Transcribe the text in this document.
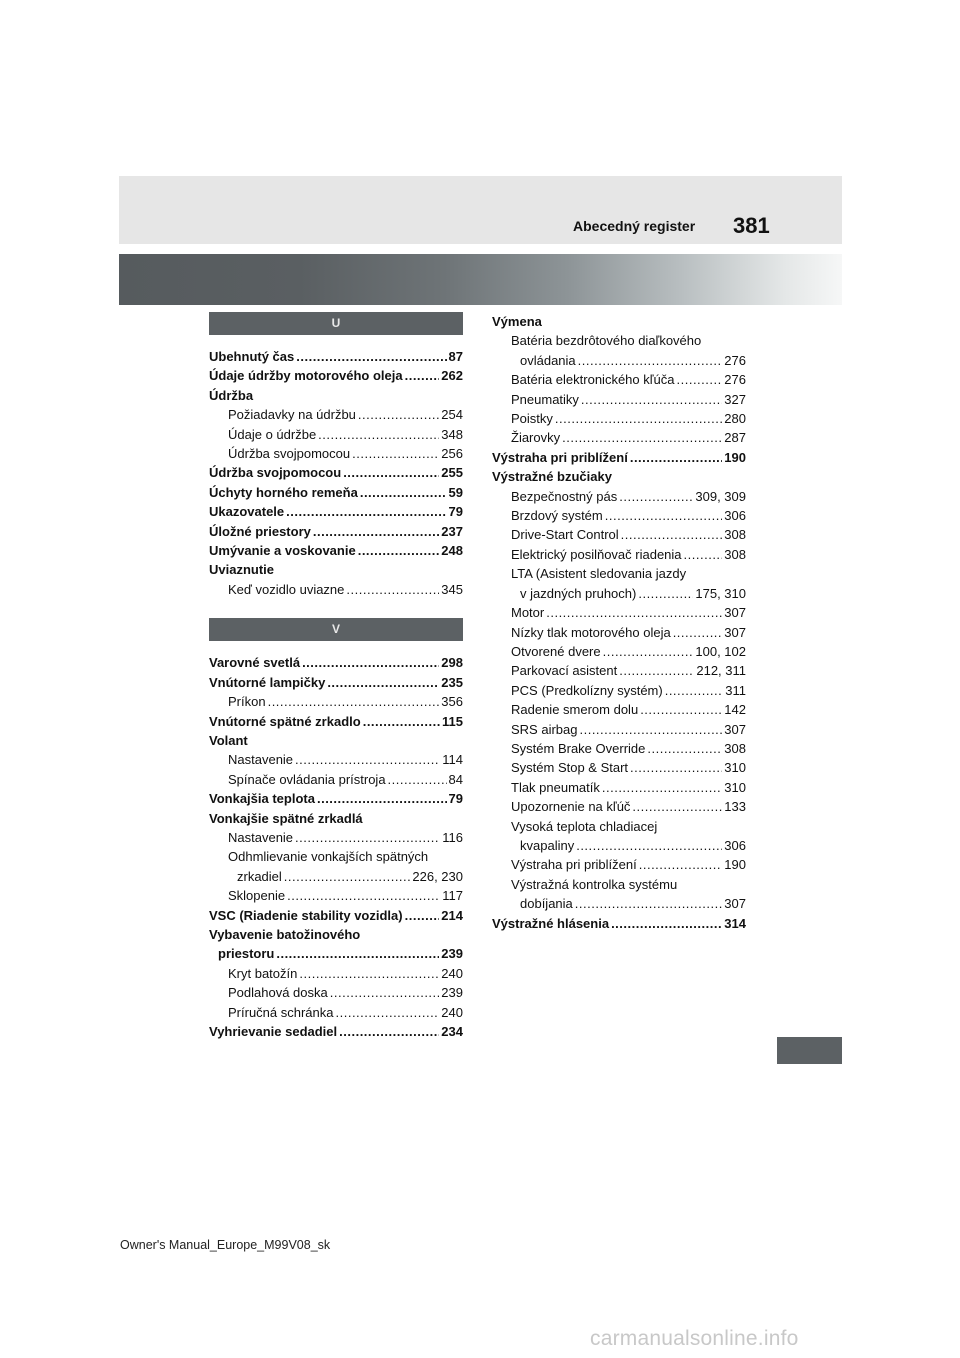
Abecedný register 381
U
Ubehnutý čas .....	87
Údaje údržby motorového oleja .....	262
Údržba
Požiadavky na údržbu .....	254
Údaje o údržbe .....	348
Údržba svojpomocou .....	256
Údržba svojpomocou .....	255
Úchyty horného remeňa .....	59
Ukazovatele .....	79
Úložné priestory .....	237
Umývanie a voskovanie .....	248
Uviaznutie
Keď vozidlo uviazne .....	345
V
Varovné svetlá .....	298
Vnútorné lampičky .....	235
Príkon .....	356
Vnútorné spätné zrkadlo .....	115
Volant
Nastavenie .....	114
Spínače ovládania prístroja .....	84
Vonkajšia teplota .....	79
Vonkajšie spätné zrkadlá
Nastavenie .....	116
Odhmlievanie vonkajších spätných
zrkadiel .....	226, 230
Sklopenie .....	117
VSC (Riadenie stability vozidla) .....	214
Vybavenie batožinového
priestoru .....	239
Kryt batožín .....	240
Podlahová doska .....	239
Príručná schránka .....	240
Vyhrievanie sedadiel .....	234
Výmena
Batéria bezdrôtového diaľkového
ovládania .....	276
Batéria elektronického kľúča .....	276
Pneumatiky .....	327
Poistky .....	280
Žiarovky .....	287
Výstraha pri priblížení .....	190
Výstražné bzučiaky
Bezpečnostný pás .....	309, 309
Brzdový systém .....	306
Drive-Start Control .....	308
Elektrický posilňovač riadenia .....	308
LTA (Asistent sledovania jazdy
v jazdných pruhoch) .....	175, 310
Motor .....	307
Nízky tlak motorového oleja .....	307
Otvorené dvere .....	100, 102
Parkovací asistent .....	212, 311
PCS (Predkolízny systém) .....	311
Radenie smerom dolu .....	142
SRS airbag .....	307
Systém Brake Override .....	308
Systém Stop & Start .....	310
Tlak pneumatík .....	310
Upozornenie na kľúč .....	133
Vysoká teplota chladiacej
kvapaliny .....	306
Výstraha pri priblížení .....	190
Výstražná kontrolka systému
dobíjania .....	307
Výstražné hlásenia .....	314
Owner's Manual_Europe_M99V08_sk
carmanualsonline.info
